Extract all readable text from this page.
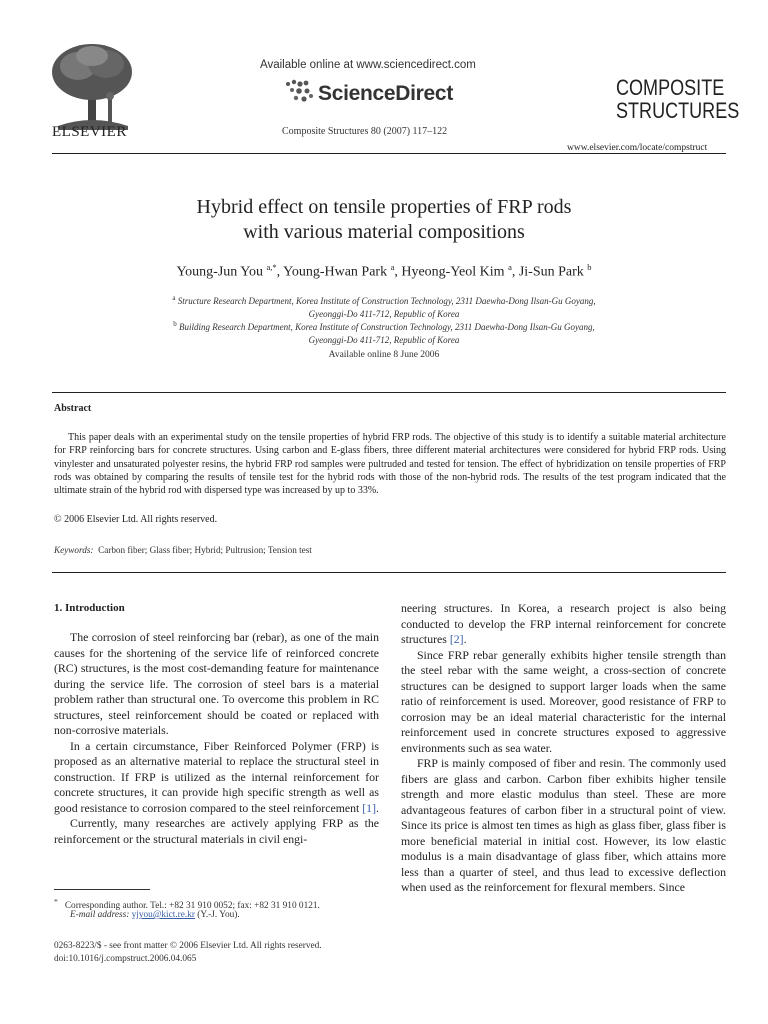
ELSEVIER
Available online at www.sciencedirect.com
ScienceDirect
Composite Structures 80 (2007) 117–122
COMPOSITE
STRUCTURES
www.elsevier.com/locate/compstruct
Hybrid effect on tensile properties of FRP rods
with various material compositions
Young-Jun You $^{a,*}$, Young-Hwan Park $^a$, Hyeong-Yeol Kim $^a$, Ji-Sun Park $^b$
$^a$ Structure Research Department, Korea Institute of Construction Technology, 2311 Daewha-Dong Ilsan-Gu Goyang,
Gyeonggi-Do 411-712, Republic of Korea
$^b$ Building Research Department, Korea Institute of Construction Technology, 2311 Daewha-Dong Ilsan-Gu Goyang,
Gyeonggi-Do 411-712, Republic of Korea
Available online 8 June 2006
Abstract
This paper deals with an experimental study on the tensile properties of hybrid FRP rods. The objective of this study is to identify a suitable material architecture for FRP reinforcing bars for concrete structures. Using carbon and E-glass fibers, three different material architectures were considered for hybrid FRP rods. Using vinylester and unsaturated polyester resins, the hybrid FRP rod samples were pultruded and tested for tension. The effect of hybridization on tensile properties of FRP rods was obtained by comparing the results of tensile test for the hybrid rods with those of the non-hybrid rods. The results of the test program indicated that the ultimate strain of the hybrid rod with dispersed type was increased by up to 33%.
© 2006 Elsevier Ltd. All rights reserved.
Keywords: Carbon fiber; Glass fiber; Hybrid; Pultrusion; Tension test
1. Introduction

The corrosion of steel reinforcing bar (rebar), as one of the main causes for the shortening of the service life of reinforced concrete (RC) structures, is the most cost-demanding feature for maintenance during the service life. The corrosion of steel bars is a material problem rather than structural one. To overcome this problem in RC structures, steel reinforcement should be coated or replaced with non-corrosive materials.

In a certain circumstance, Fiber Reinforced Polymer (FRP) is proposed as an alternative material to replace the structural steel in construction. If FRP is utilized as the internal reinforcement for concrete structures, it can provide high specific strength as well as good resistance to corrosion compared to the steel reinforcement [1].

Currently, many researches are actively applying FRP as the reinforcement or the structural materials in civil engi-

neering structures. In Korea, a research project is also being conducted to develop the FRP internal reinforcement for concrete structures [2].

Since FRP rebar generally exhibits higher tensile strength than the steel rebar with the same weight, a cross-section of concrete structures can be designed to support larger loads when the same ratio of reinforcement is used. Moreover, good resistance of FRP to corrosion may be an ideal material characteristic for the internal reinforcement used in concrete structures exposed to aggressive environments such as sea water.

FRP is mainly composed of fiber and resin. The commonly used fibers are glass and carbon. Carbon fiber exhibits higher tensile strength and more elastic modulus than steel. These are more advantageous features of carbon fiber in a structural point of view. Since its price is almost ten times as high as glass fiber, glass fiber is more beneficial material in initial cost. However, its low elastic modulus is a main disadvantage of glass fiber, which attains more less than a quarter of steel, and thus lead to excessive deflection when used as the reinforcement for flexural members. Since

* Corresponding author. Tel.: +82 31 910 0052; fax: +82 31 910 0121.
E-mail address: yjyou@kict.re.kr (Y.-J. You).
0263-8223/$ - see front matter © 2006 Elsevier Ltd. All rights reserved.
doi:10.1016/j.compstruct.2006.04.065
